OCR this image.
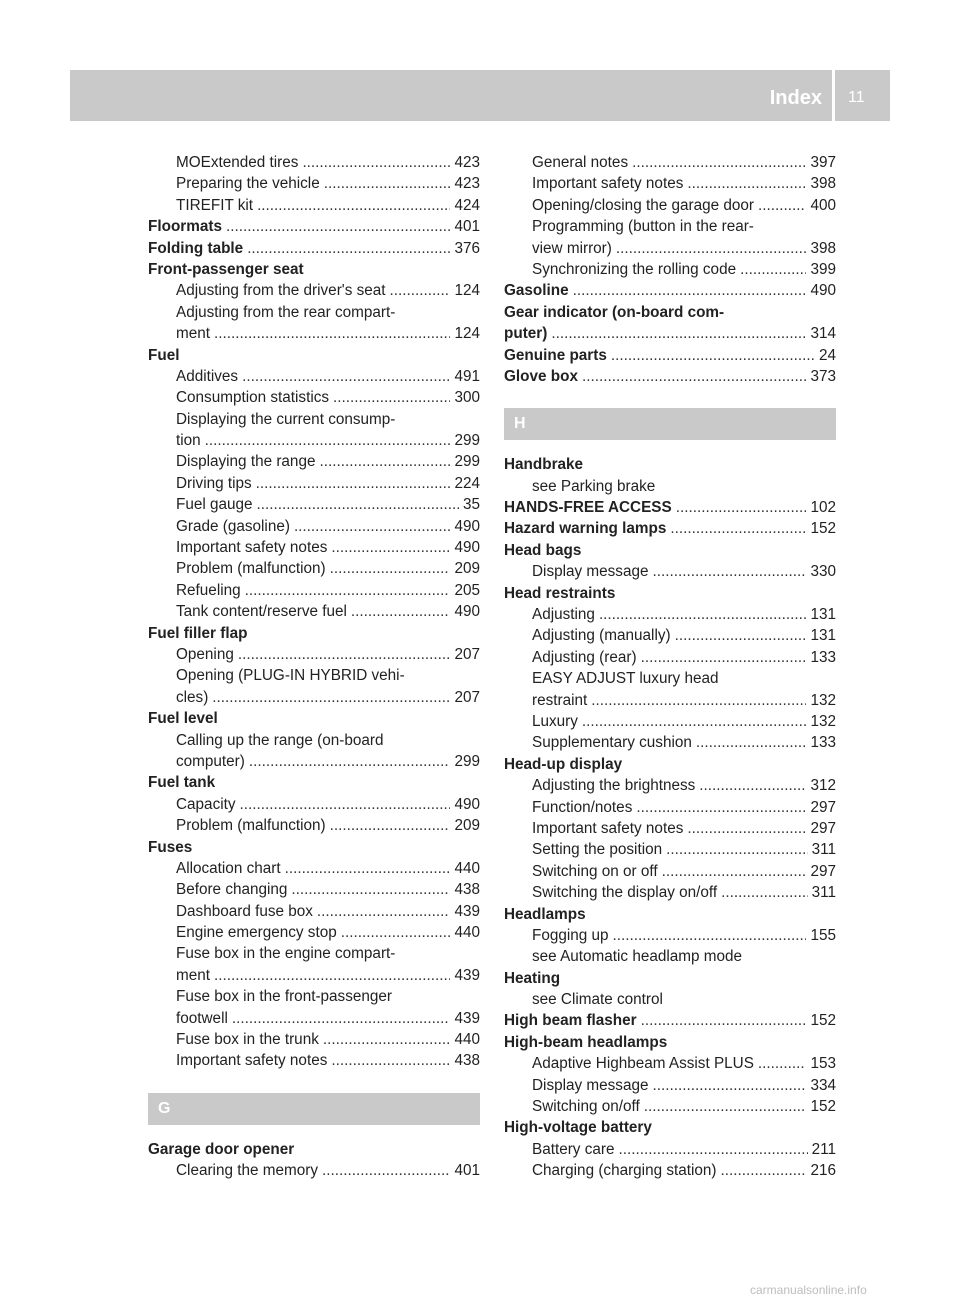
Index 11
MOExtended tires .....	423
Preparing the vehicle .....	423
TIREFIT kit .....	424
Floormats .....	401
Folding table .....	376
Front-passenger seat
Adjusting from the driver's seat .....	124
Adjusting from the rear compart-
ment .....	124
Fuel
Additives .....	491
Consumption statistics .....	300
Displaying the current consump-
tion .....	299
Displaying the range .....	299
Driving tips .....	224
Fuel gauge .....	35
Grade (gasoline) .....	490
Important safety notes .....	490
Problem (malfunction) .....	209
Refueling .....	205
Tank content/reserve fuel .....	490
Fuel filler flap
Opening .....	207
Opening (PLUG-IN HYBRID vehi-
cles) .....	207
Fuel level
Calling up the range (on-board
computer) .....	299
Fuel tank
Capacity .....	490
Problem (malfunction) .....	209
Fuses
Allocation chart .....	440
Before changing .....	438
Dashboard fuse box .....	439
Engine emergency stop .....	440
Fuse box in the engine compart-
ment .....	439
Fuse box in the front-passenger
footwell .....	439
Fuse box in the trunk .....	440
Important safety notes .....	438
G
Garage door opener
Clearing the memory .....	401
General notes .....	397
Important safety notes .....	398
Opening/closing the garage door .....	400
Programming (button in the rear-
view mirror) .....	398
Synchronizing the rolling code .....	399
Gasoline .....	490
Gear indicator (on-board com-
puter) .....	314
Genuine parts .....	24
Glove box .....	373
H
Handbrake
see Parking brake
HANDS-FREE ACCESS .....	102
Hazard warning lamps .....	152
Head bags
Display message .....	330
Head restraints
Adjusting .....	131
Adjusting (manually) .....	131
Adjusting (rear) .....	133
EASY ADJUST luxury head
restraint .....	132
Luxury .....	132
Supplementary cushion .....	133
Head-up display
Adjusting the brightness .....	312
Function/notes .....	297
Important safety notes .....	297
Setting the position .....	311
Switching on or off .....	297
Switching the display on/off .....	311
Headlamps
Fogging up .....	155
see Automatic headlamp mode
Heating
see Climate control
High beam flasher .....	152
High-beam headlamps
Adaptive Highbeam Assist PLUS .....	153
Display message .....	334
Switching on/off .....	152
High-voltage battery
Battery care .....	211
Charging (charging station) .....	216
carmanualsonline.info
